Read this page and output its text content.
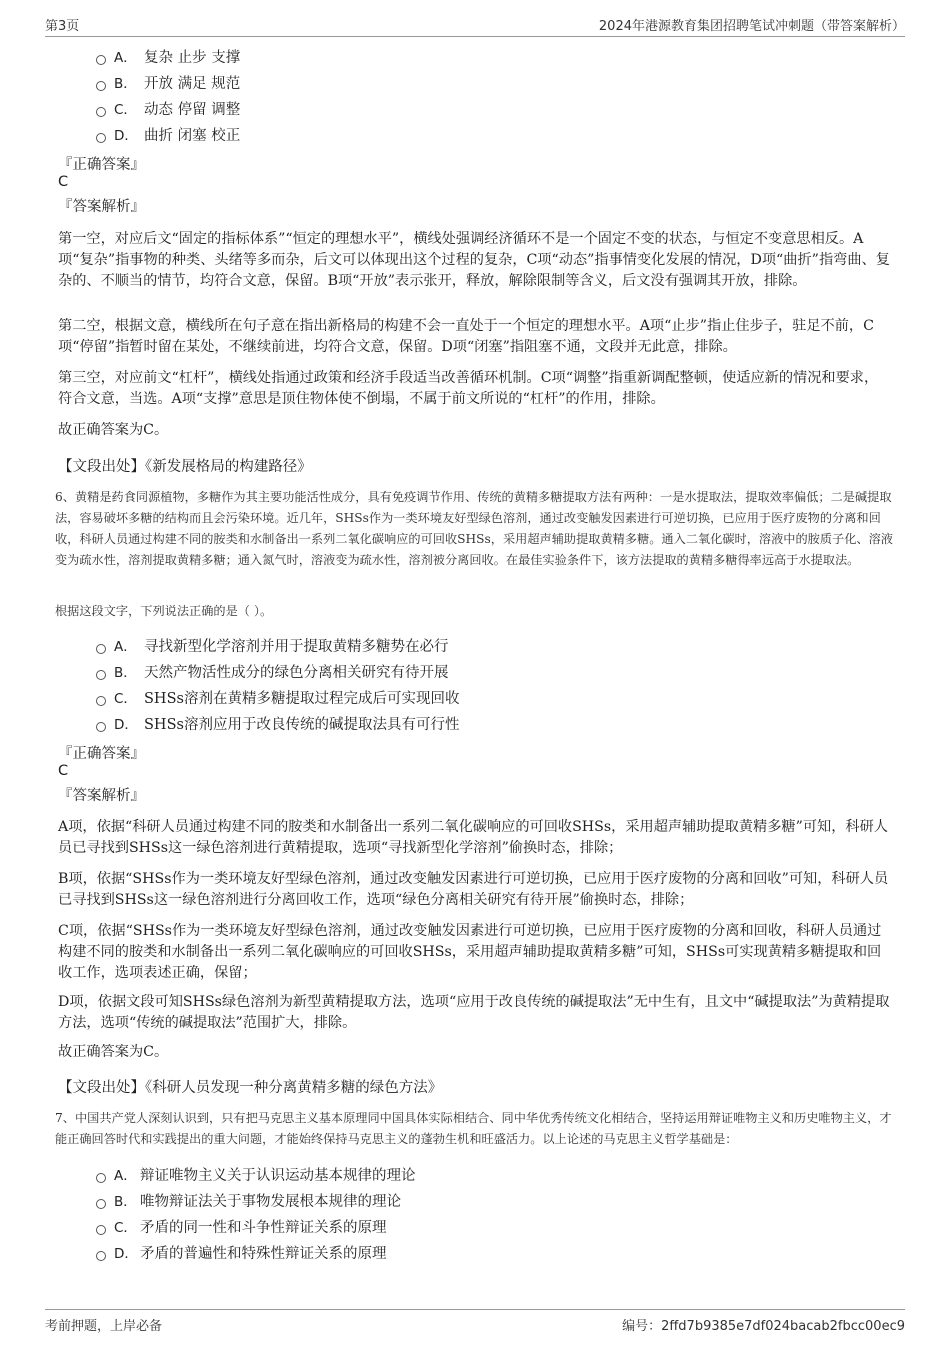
第3页	2024年港源教育集团招聘笔试冲刺题（带答案解析）
A． 复杂 止步 支撑
B． 开放 满足 规范
C． 动态 停留 调整
D． 曲折 闭塞 校正
『正确答案』
C
『答案解析』
第一空，对应后文“固定的指标体系”“恒定的理想水平”，横线处强调经济循环不是一个固定不变的状态，与恒定不变意思相反。A项“复杂”指事物的种类、头绪等多而杂，后文可以体现出这个过程的复杂，C项“动态”指事情变化发展的情况，D项“曲折”指弯曲、复杂的、不顺当的情节，均符合文意，保留。B项“开放”表示张开，释放，解除限制等含义，后文没有强调其开放，排除。
第二空，根据文意，横线所在句子意在指出新格局的构建不会一直处于一个恒定的理想水平。A项“止步”指止住步子，驻足不前，C项“停留”指暂时留在某处，不继续前进，均符合文意，保留。D项“闭塞”指阻塞不通，文段并无此意，排除。
第三空，对应前文“杠杆”，横线处指通过政策和经济手段适当改善循环机制。C项“调整”指重新调配整顿，使适应新的情况和要求，符合文意，当选。A项“支撑”意思是顶住物体使不倒塌，不属于前文所说的“杠杆”的作用，排除。
故正确答案为C。
【文段出处】《新发展格局的构建路径》
6、黄精是药食同源植物，多糖作为其主要功能活性成分，具有免疫调节作用、传统的黄精多糖提取方法有两种：一是水提取法，提取效率偏低；二是碱提取法，容易破坏多糖的结构而且会污染环境。近几年，SHSs作为一类环境友好型绿色溶剂，通过改变触发因素进行可逆切换，已应用于医疗废物的分离和回收，科研人员通过构建不同的胺类和水制备出一系列二氧化碳响应的可回收SHSs，采用超声辅助提取黄精多糖。通入二氧化碳时，溶液中的胺质子化、溶液变为疏水性，溶剂提取黄精多糖；通入氮气时，溶液变为疏水性，溶剂被分离回收。在最佳实验条件下，该方法提取的黄精多糖得率远高于水提取法。
根据这段文字，下列说法正确的是（ ）。
A． 寻找新型化学溶剂并用于提取黄精多糖势在必行
B． 天然产物活性成分的绿色分离相关研究有待开展
C． SHSs溶剂在黄精多糖提取过程完成后可实现回收
D． SHSs溶剂应用于改良传统的碱提取法具有可行性
『正确答案』
C
『答案解析』
A项，依据“科研人员通过构建不同的胺类和水制备出一系列二氧化碳响应的可回收SHSs，采用超声辅助提取黄精多糖”可知，科研人员已寻找到SHSs这一绿色溶剂进行黄精提取，选项“寻找新型化学溶剂”偷换时态，排除；
B项，依据“SHSs作为一类环境友好型绿色溶剂，通过改变触发因素进行可逆切换，已应用于医疗废物的分离和回收”可知，科研人员已寻找到SHSs这一绿色溶剂进行分离回收工作，选项“绿色分离相关研究有待开展”偷换时态，排除；
C项，依据“SHSs作为一类环境友好型绿色溶剂，通过改变触发因素进行可逆切换，已应用于医疗废物的分离和回收，科研人员通过构建不同的胺类和水制备出一系列二氧化碳响应的可回收SHSs，采用超声辅助提取黄精多糖”可知，SHSs可实现黄精多糖提取和回收工作，选项表述正确，保留；
D项，依据文段可知SHSs绿色溶剂为新型黄精提取方法，选项“应用于改良传统的碱提取法”无中生有，且文中“碱提取法”为黄精提取方法，选项“传统的碱提取法”范围扩大，排除。
故正确答案为C。
【文段出处】《科研人员发现一种分离黄精多糖的绿色方法》
7、中国共产党人深刻认识到，只有把马克思主义基本原理同中国具体实际相结合、同中华优秀传统文化相结合，坚持运用辩证唯物主义和历史唯物主义，才能正确回答时代和实践提出的重大问题，才能始终保持马克思主义的蓬勃生机和旺盛活力。以上论述的马克思主义哲学基础是：
A． 辩证唯物主义关于认识运动基本规律的理论
B． 唯物辩证法关于事物发展根本规律的理论
C． 矛盾的同一性和斗争性辩证关系的原理
D． 矛盾的普遍性和特殊性辩证关系的原理
考前押题，上岸必备	编号：2ffd7b9385e7df024bacab2fbcc00ec9
